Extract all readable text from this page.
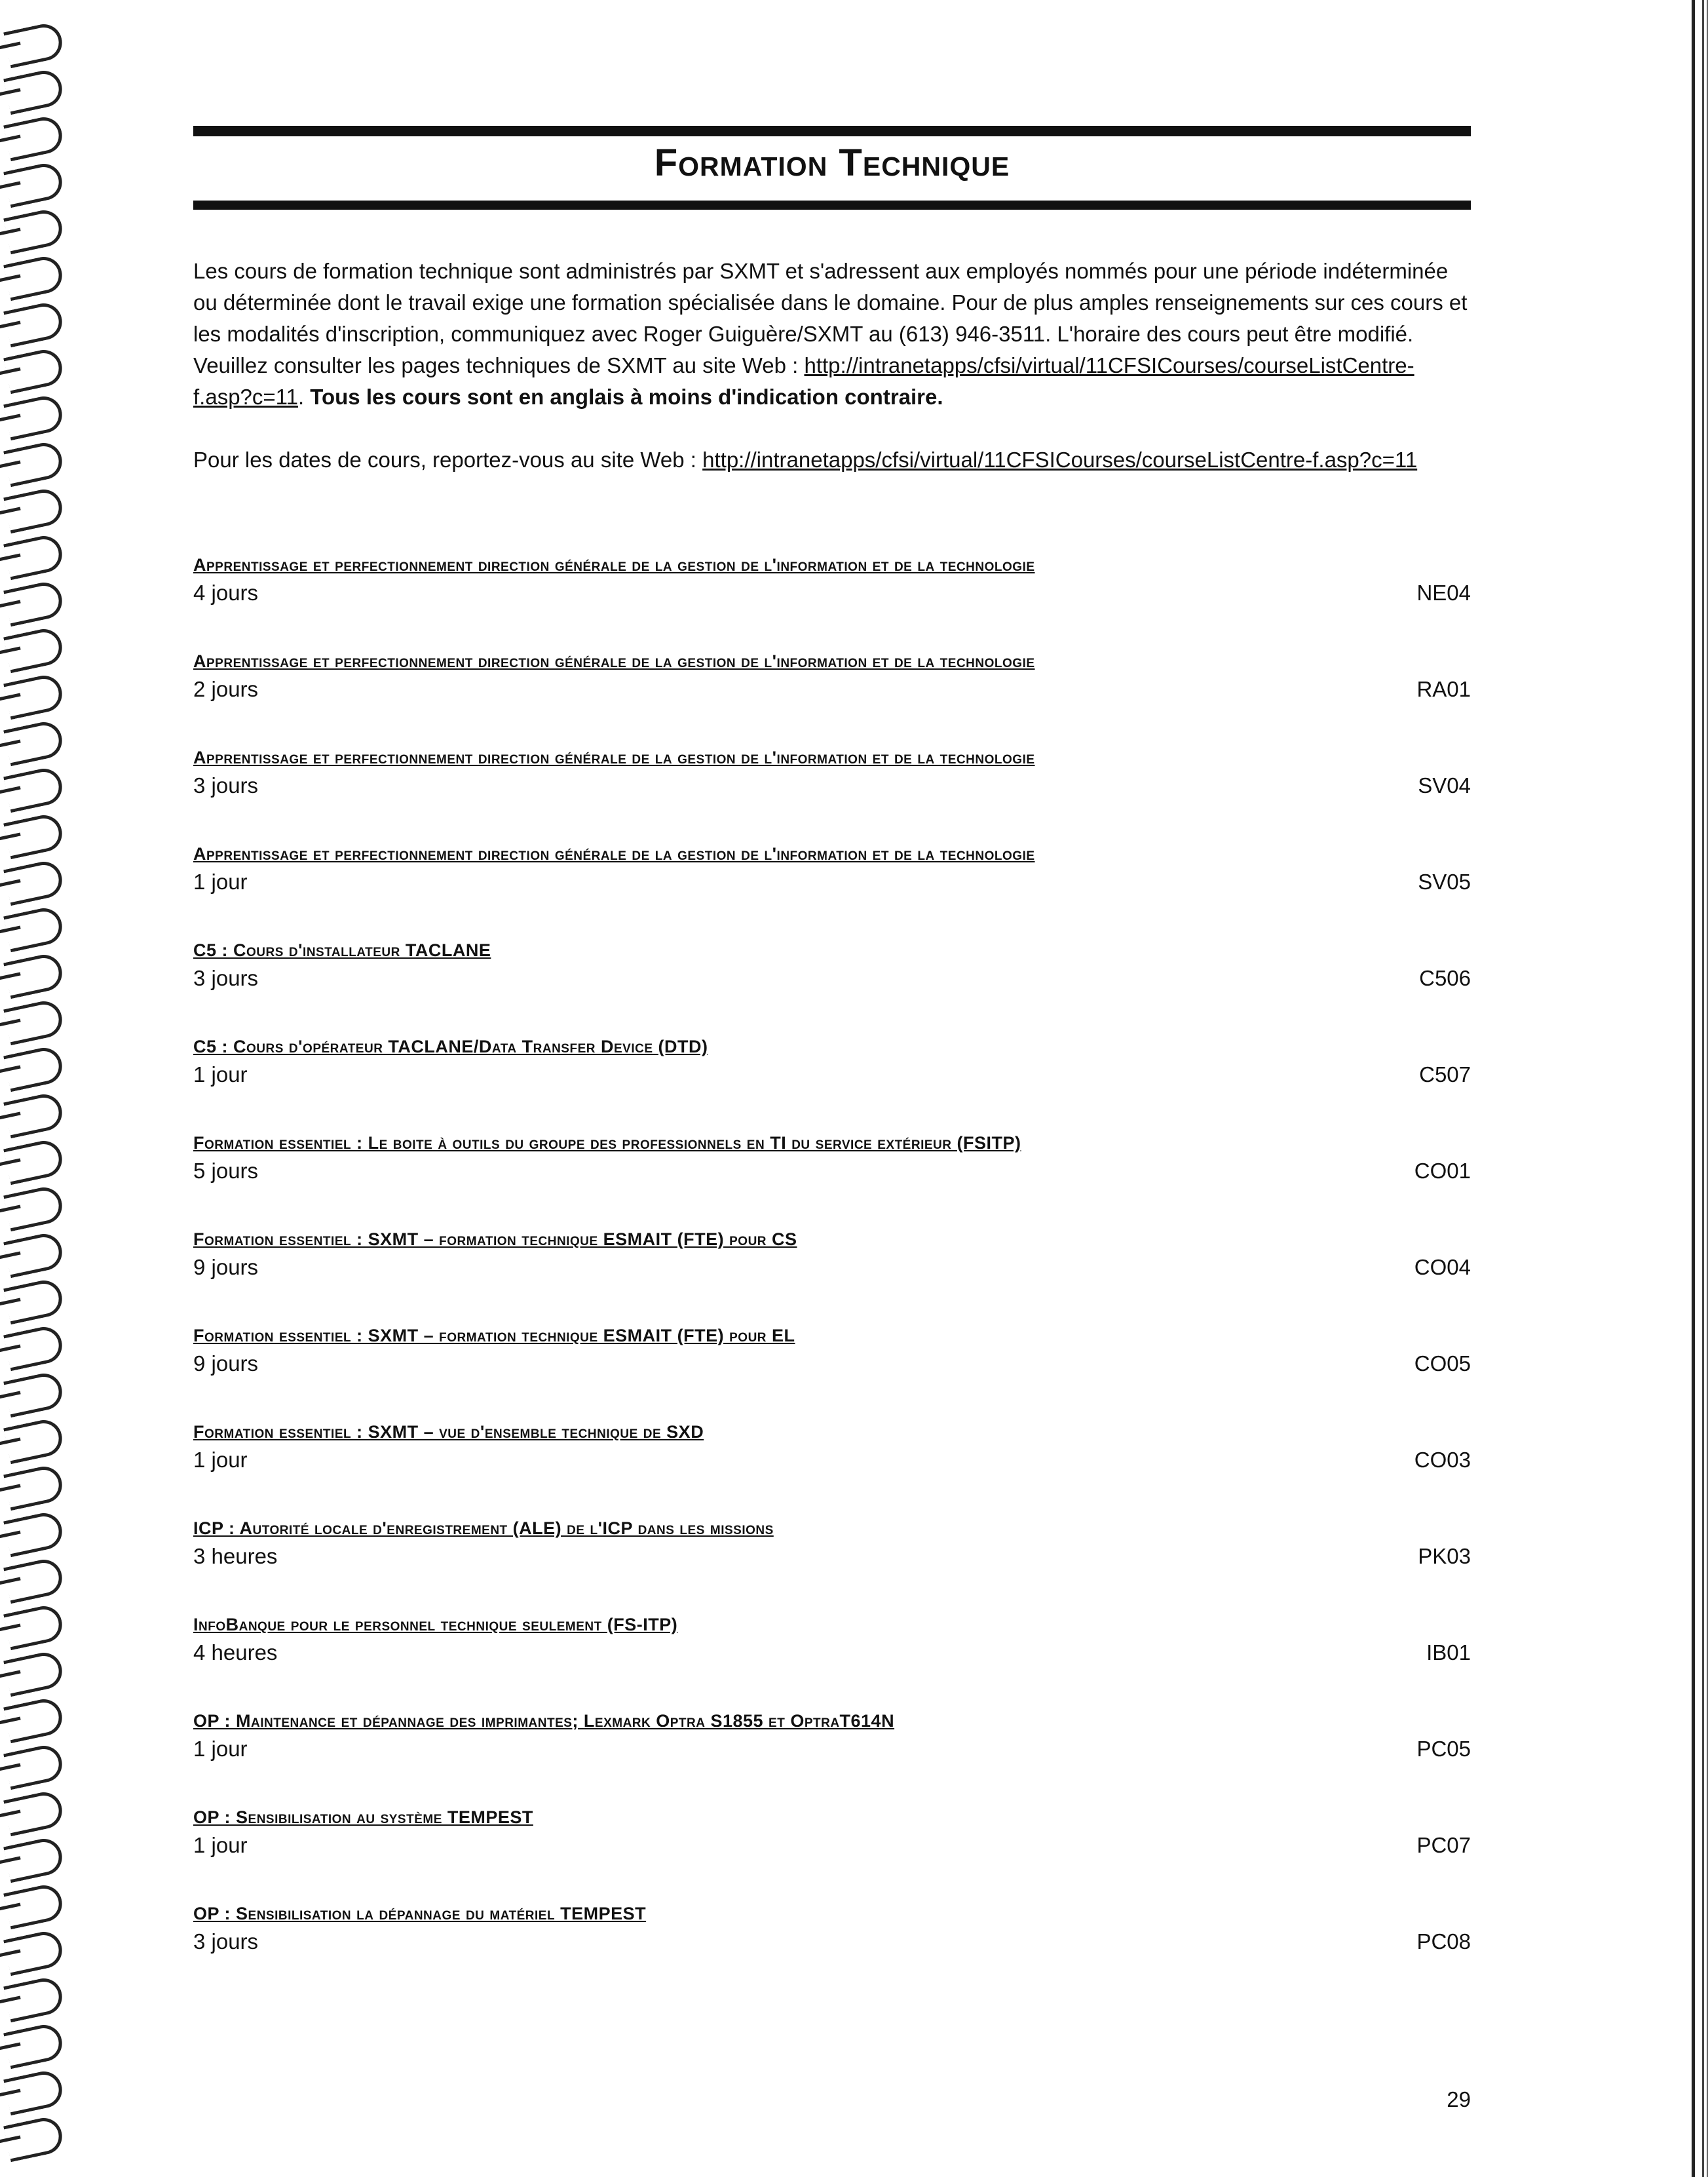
Formation Technique

Les cours de formation technique sont administrés par SXMT et s'adressent aux employés nommés pour une période indéterminée ou déterminée dont le travail exige une formation spécialisée dans le domaine. Pour de plus amples renseignements sur ces cours et les modalités d'inscription, communiquez avec Roger Guiguère/SXMT au (613) 946-3511. L'horaire des cours peut être modifié. Veuillez consulter les pages techniques de SXMT au site Web : http://intranetapps/cfsi/virtual/11CFSICourses/courseListCentre-f.asp?c=11. Tous les cours sont en anglais à moins d'indication contraire.

Pour les dates de cours, reportez-vous au site Web : http://intranetapps/cfsi/virtual/11CFSICourses/courseListCentre-f.asp?c=11

Apprentissage et perfectionnement direction générale de la gestion de l'information et de la technologie
4 jours	NE04
Apprentissage et perfectionnement direction générale de la gestion de l'information et de la technologie
2 jours	RA01
Apprentissage et perfectionnement direction générale de la gestion de l'information et de la technologie
3 jours	SV04
Apprentissage et perfectionnement direction générale de la gestion de l'information et de la technologie
1 jour	SV05
C5 : Cours d'installateur TACLANE
3 jours	C506
C5 : Cours d'opérateur TACLANE/Data Transfer Device (DTD)
1 jour	C507
Formation essentiel : Le boite à outils du groupe des professionnels en TI du service extérieur (FSITP)
5 jours	CO01
Formation essentiel : SXMT – formation technique ESMAIT (FTE) pour CS
9 jours	CO04
Formation essentiel : SXMT – formation technique ESMAIT (FTE) pour EL
9 jours	CO05
Formation essentiel : SXMT – vue d'ensemble technique de SXD
1 jour	CO03
ICP : Autorité locale d'enregistrement (ALE) de l'ICP dans les missions
3 heures	PK03
InfoBanque pour le personnel technique seulement (FS-ITP)
4 heures	IB01
OP : Maintenance et dépannage des imprimantes; Lexmark Optra S1855 et OptraT614N
1 jour	PC05
OP : Sensibilisation au système TEMPEST
1 jour	PC07
OP : Sensibilisation la dépannage du matériel TEMPEST
3 jours	PC08
29
